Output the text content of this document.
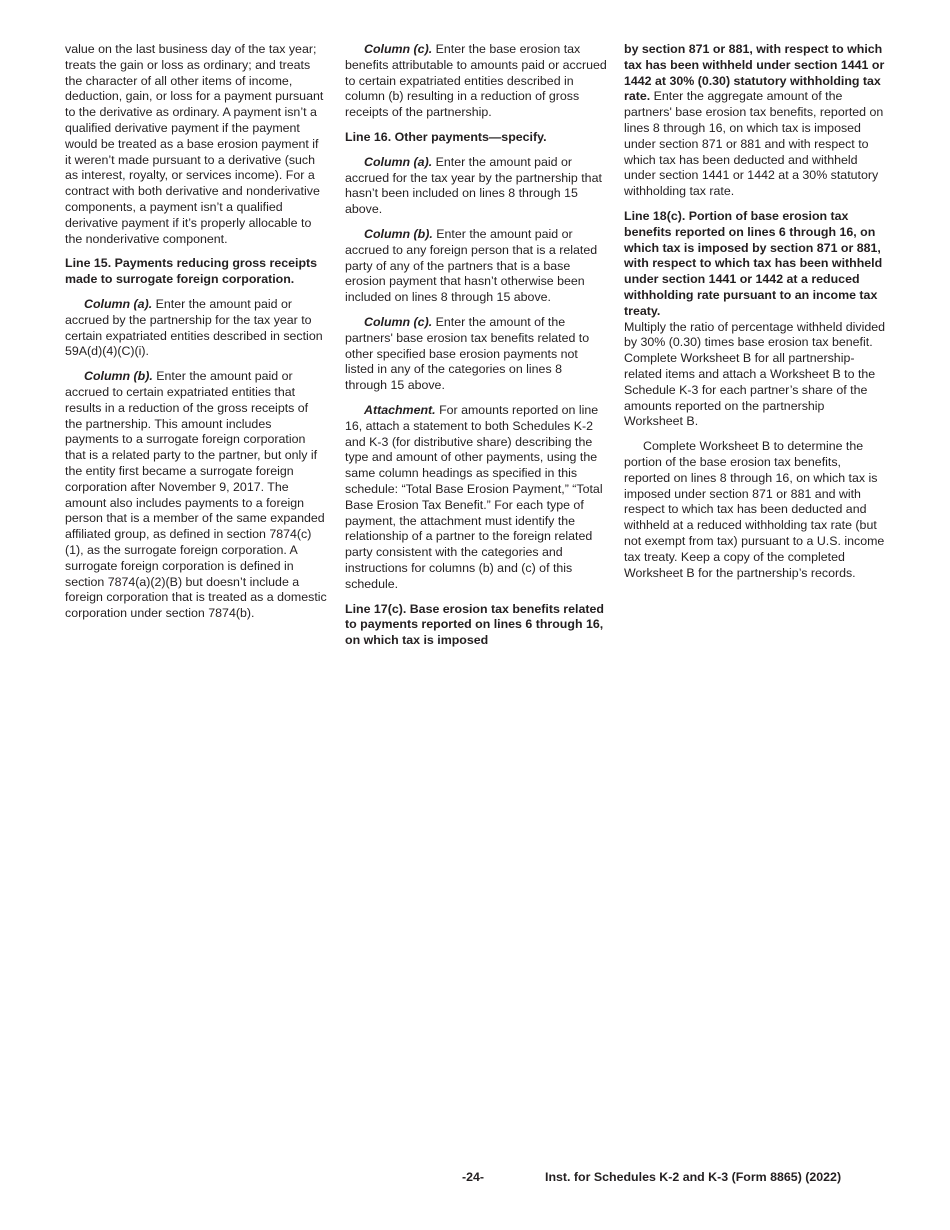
value on the last business day of the tax year; treats the gain or loss as ordinary; and treats the character of all other items of income, deduction, gain, or loss for a payment pursuant to the derivative as ordinary. A payment isn’t a qualified derivative payment if the payment would be treated as a base erosion payment if it weren’t made pursuant to a derivative (such as interest, royalty, or services income). For a contract with both derivative and nonderivative components, a payment isn’t a qualified derivative payment if it’s properly allocable to the nonderivative component.

Line 15. Payments reducing gross receipts made to surrogate foreign corporation.

Column (a). Enter the amount paid or accrued by the partnership for the tax year to certain expatriated entities described in section 59A(d)(4)(C)(i).

Column (b). Enter the amount paid or accrued to certain expatriated entities that results in a reduction of the gross receipts of the partnership. This amount includes payments to a surrogate foreign corporation that is a related party to the partner, but only if the entity first became a surrogate foreign corporation after November 9, 2017. The amount also includes payments to a foreign person that is a member of the same expanded affiliated group, as defined in section 7874(c)(1), as the surrogate foreign corporation. A surrogate foreign corporation is defined in section 7874(a)(2)(B) but doesn’t include a foreign corporation that is treated as a domestic corporation under section 7874(b).

Column (c). Enter the base erosion tax benefits attributable to amounts paid or accrued to certain expatriated entities described in column (b) resulting in a reduction of gross receipts of the partnership.

Line 16. Other payments—specify.

Column (a). Enter the amount paid or accrued for the tax year by the partnership that hasn’t been included on lines 8 through 15 above.

Column (b). Enter the amount paid or accrued to any foreign person that is a related party of any of the partners that is a base erosion payment that hasn’t otherwise been included on lines 8 through 15 above.

Column (c). Enter the amount of the partners' base erosion tax benefits related to other specified base erosion payments not listed in any of the categories on lines 8 through 15 above.

Attachment. For amounts reported on line 16, attach a statement to both Schedules K-2 and K-3 (for distributive share) describing the type and amount of other payments, using the same column headings as specified in this schedule: “Total Base Erosion Payment,” “Total Base Erosion Tax Benefit.” For each type of payment, the attachment must identify the relationship of a partner to the foreign related party consistent with the categories and instructions for columns (b) and (c) of this schedule.

Line 17(c). Base erosion tax benefits related to payments reported on lines 6 through 16, on which tax is imposed

by section 871 or 881, with respect to which tax has been withheld under section 1441 or 1442 at 30% (0.30) statutory withholding tax rate. Enter the aggregate amount of the partners' base erosion tax benefits, reported on lines 8 through 16, on which tax is imposed under section 871 or 881 and with respect to which tax has been deducted and withheld under section 1441 or 1442 at a 30% statutory withholding tax rate.

Line 18(c). Portion of base erosion tax benefits reported on lines 6 through 16, on which tax is imposed by section 871 or 881, with respect to which tax has been withheld under section 1441 or 1442 at a reduced withholding rate pursuant to an income tax treaty.

Multiply the ratio of percentage withheld divided by 30% (0.30) times base erosion tax benefit. Complete Worksheet B for all partnership-related items and attach a Worksheet B to the Schedule K-3 for each partner’s share of the amounts reported on the partnership Worksheet B.

Complete Worksheet B to determine the portion of the base erosion tax benefits, reported on lines 8 through 16, on which tax is imposed under section 871 or 881 and with respect to which tax has been deducted and withheld at a reduced withholding tax rate (but not exempt from tax) pursuant to a U.S. income tax treaty. Keep a copy of the completed Worksheet B for the partnership’s records.

-24-	Inst. for Schedules K-2 and K-3 (Form 8865) (2022)
